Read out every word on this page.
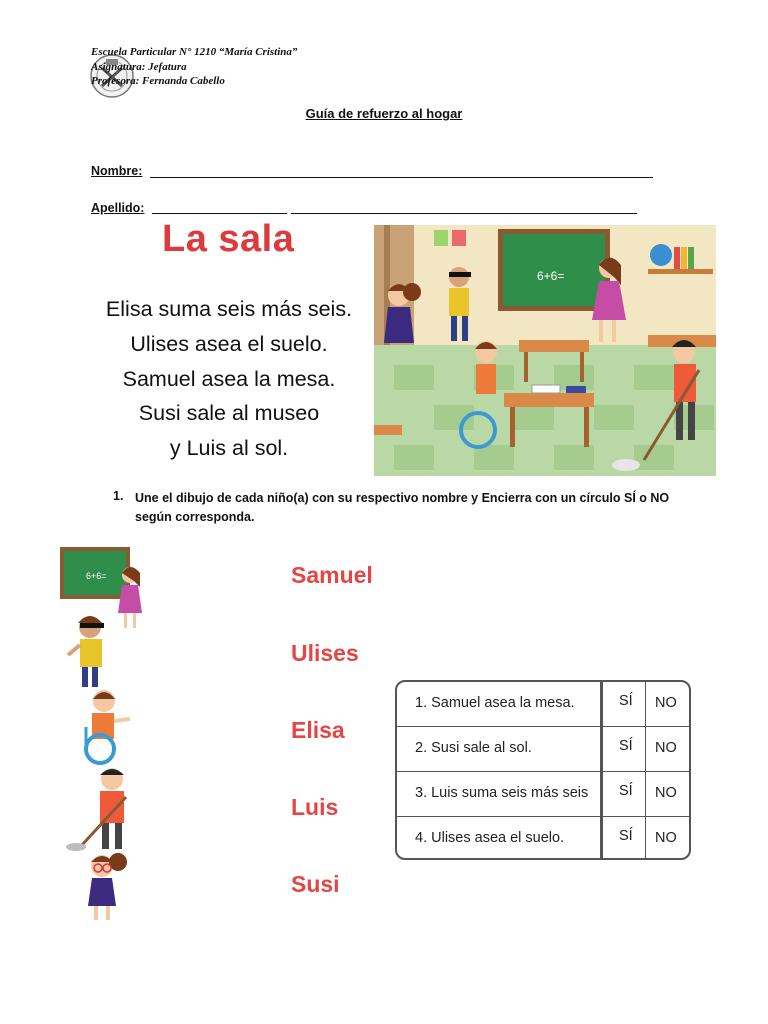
Escuela Particular N° 1210 “María Cristina”
Asignatura: Jefatura
Profesora: Fernanda Cabello
Guía de refuerzo al hogar
Nombre:
Apellido:
La sala
Elisa suma seis más seis.
Ulises asea el suelo.
Samuel asea la mesa.
Susi sale al museo
y Luis al sol.
6+6=
1. Une el dibujo de cada niño(a) con su respectivo nombre y Encierra con un círculo SÍ o NO según corresponda.
6+6=	Samuel
Ulises
Elisa
Luis
Susi
1. Samuel asea la mesa.	SÍ NO
2. Susi sale al sol.	SÍ NO
3. Luis suma seis más seis SÍ NO
4. Ulises asea el suelo.	SÍ NO
